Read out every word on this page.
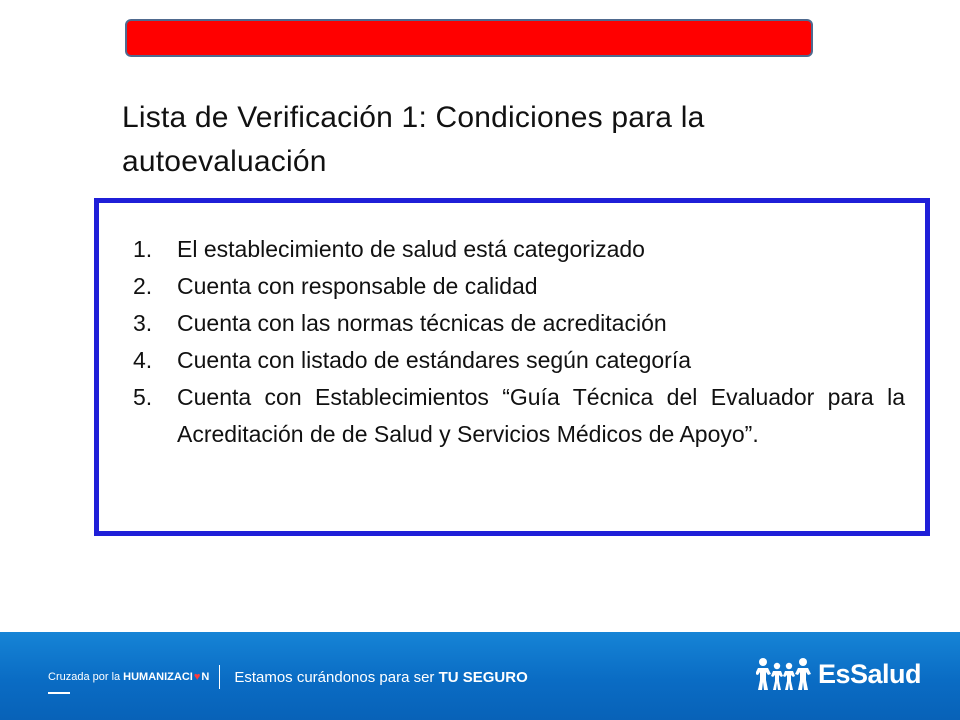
Lista de Verificación 1: Condiciones para la autoevaluación
1. El establecimiento de salud está categorizado
2. Cuenta con responsable de calidad
3. Cuenta con las normas técnicas de acreditación
4. Cuenta con listado de estándares según categoría
5. Cuenta con Establecimientos “Guía Técnica del Evaluador para la Acreditación de de Salud y Servicios Médicos de Apoyo”.
Cruzada por la HUMANIZACI ♥ N Estamos curándonos para ser TU SEGURO	EsSalud
